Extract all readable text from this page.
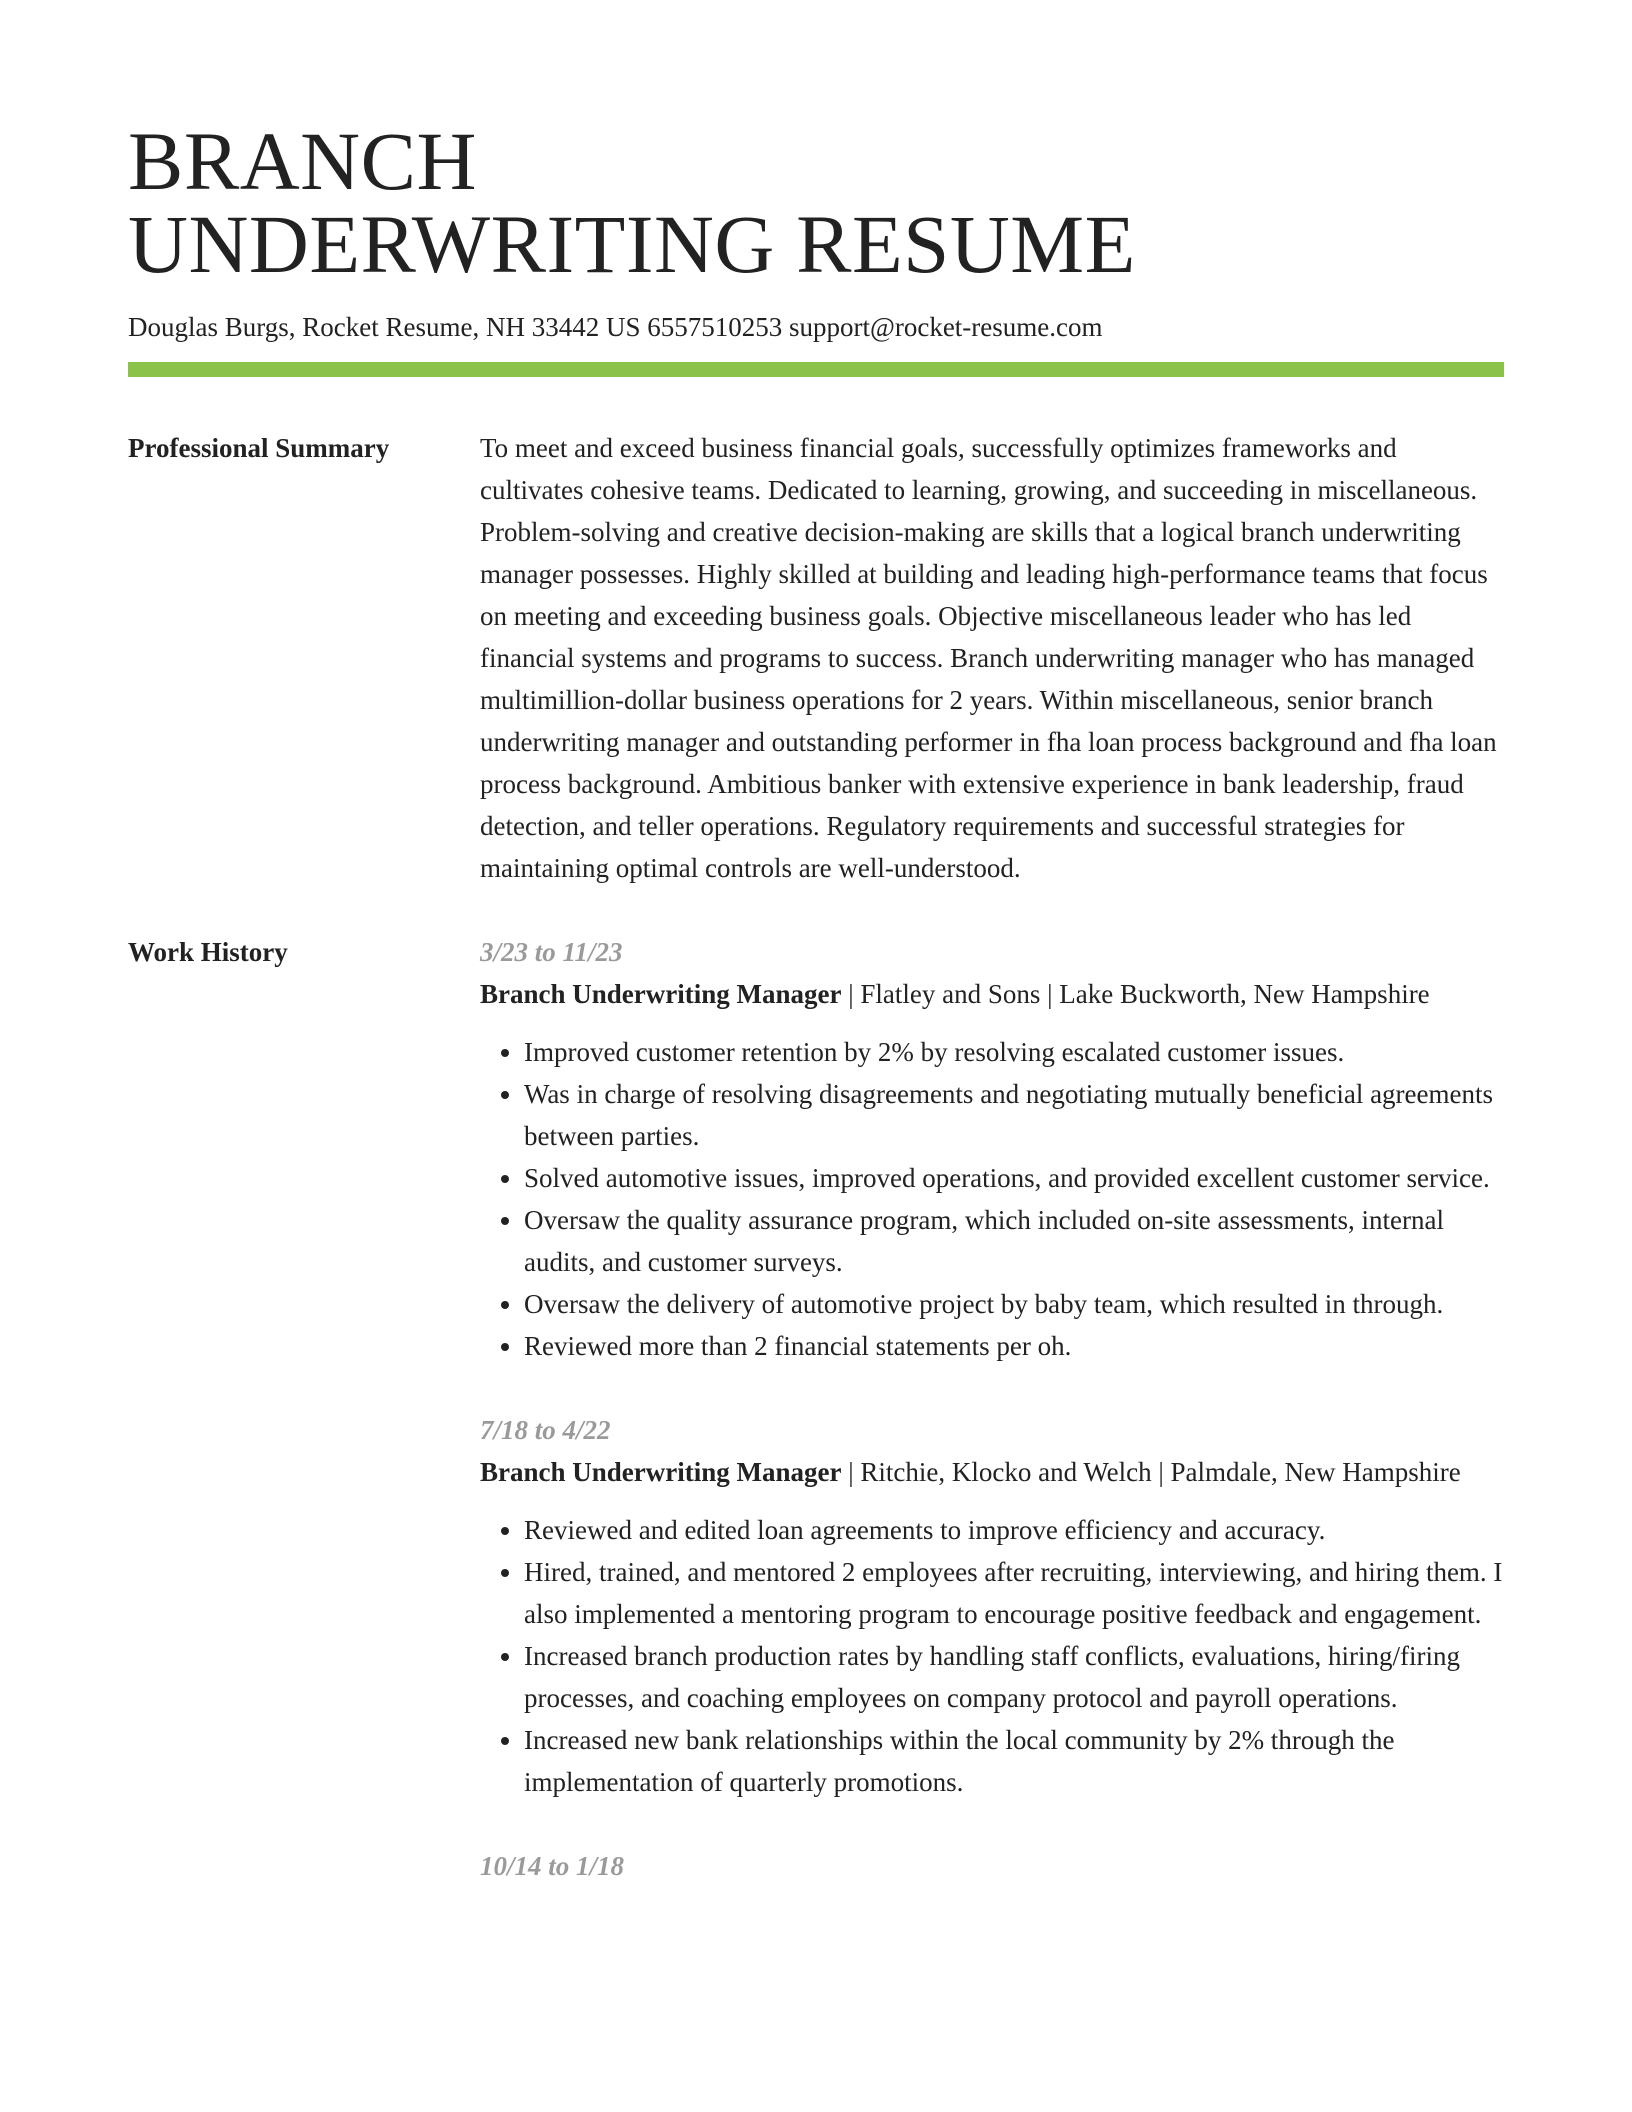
BRANCH
UNDERWRITING RESUME
Douglas Burgs, Rocket Resume, NH 33442 US 6557510253 support@rocket-resume.com
Professional Summary	To meet and exceed business financial goals, successfully optimizes frameworks and cultivates cohesive teams. Dedicated to learning, growing, and succeeding in miscellaneous. Problem-solving and creative decision-making are skills that a logical branch underwriting manager possesses. Highly skilled at building and leading high-performance teams that focus on meeting and exceeding business goals. Objective miscellaneous leader who has led financial systems and programs to success. Branch underwriting manager who has managed multimillion-dollar business operations for 2 years. Within miscellaneous, senior branch underwriting manager and outstanding performer in fha loan process background and fha loan process background. Ambitious banker with extensive experience in bank leadership, fraud detection, and teller operations. Regulatory requirements and successful strategies for maintaining optimal controls are well-understood.

Work History	3/23 to 11/23

Branch Underwriting Manager | Flatley and Sons | Lake Buckworth, New Hampshire

• Improved customer retention by 2% by resolving escalated customer issues.
• Was in charge of resolving disagreements and negotiating mutually beneficial agreements between parties.
• Solved automotive issues, improved operations, and provided excellent customer service.
• Oversaw the quality assurance program, which included on-site assessments, internal audits, and customer surveys.
• Oversaw the delivery of automotive project by baby team, which resulted in through.
• Reviewed more than 2 financial statements per oh.
7/18 to 4/22

Branch Underwriting Manager | Ritchie, Klocko and Welch | Palmdale, New Hampshire

• Reviewed and edited loan agreements to improve efficiency and accuracy.
• Hired, trained, and mentored 2 employees after recruiting, interviewing, and hiring them. I also implemented a mentoring program to encourage positive feedback and engagement.
• Increased branch production rates by handling staff conflicts, evaluations, hiring/firing processes, and coaching employees on company protocol and payroll operations.
• Increased new bank relationships within the local community by 2% through the implementation of quarterly promotions.
10/14 to 1/18
